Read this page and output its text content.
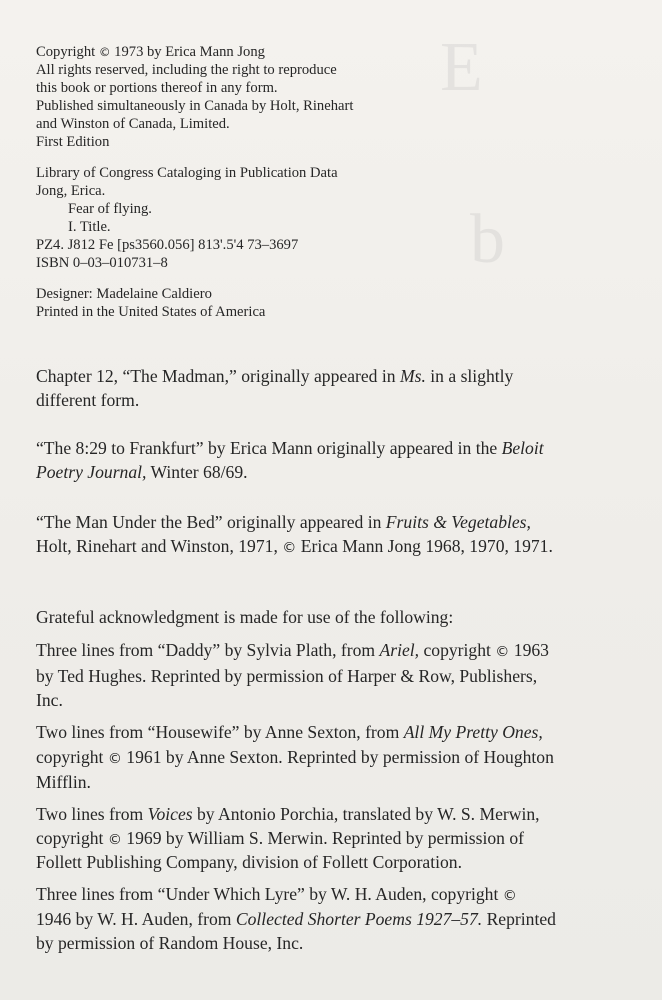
E
b
Copyright © 1973 by Erica Mann Jong
All rights reserved, including the right to reproduce
this book or portions thereof in any form.
Published simultaneously in Canada by Holt, Rinehart
and Winston of Canada, Limited.
First Edition
Library of Congress Cataloging in Publication Data
Jong, Erica.
Fear of flying.
I. Title.
PZ4. J812 Fe [ps3560.056] 813'.5'4 73–3697
ISBN 0–03–010731–8
Designer: Madelaine Caldiero
Printed in the United States of America
Chapter 12, “The Madman,” originally appeared in Ms. in a slightly
different form.
“The 8:29 to Frankfurt” by Erica Mann originally appeared in the Beloit
Poetry Journal, Winter 68/69.
“The Man Under the Bed” originally appeared in Fruits & Vegetables,
Holt, Rinehart and Winston, 1971, © Erica Mann Jong 1968, 1970, 1971.
Grateful acknowledgment is made for use of the following:
Three lines from “Daddy” by Sylvia Plath, from Ariel, copyright © 1963
by Ted Hughes. Reprinted by permission of Harper & Row, Publishers,
Inc.
Two lines from “Housewife” by Anne Sexton, from All My Pretty Ones,
copyright © 1961 by Anne Sexton. Reprinted by permission of Houghton
Mifflin.
Two lines from Voices by Antonio Porchia, translated by W. S. Merwin,
copyright © 1969 by William S. Merwin. Reprinted by permission of
Follett Publishing Company, division of Follett Corporation.
Three lines from “Under Which Lyre” by W. H. Auden, copyright ©
1946 by W. H. Auden, from Collected Shorter Poems 1927–57. Reprinted
by permission of Random House, Inc.
